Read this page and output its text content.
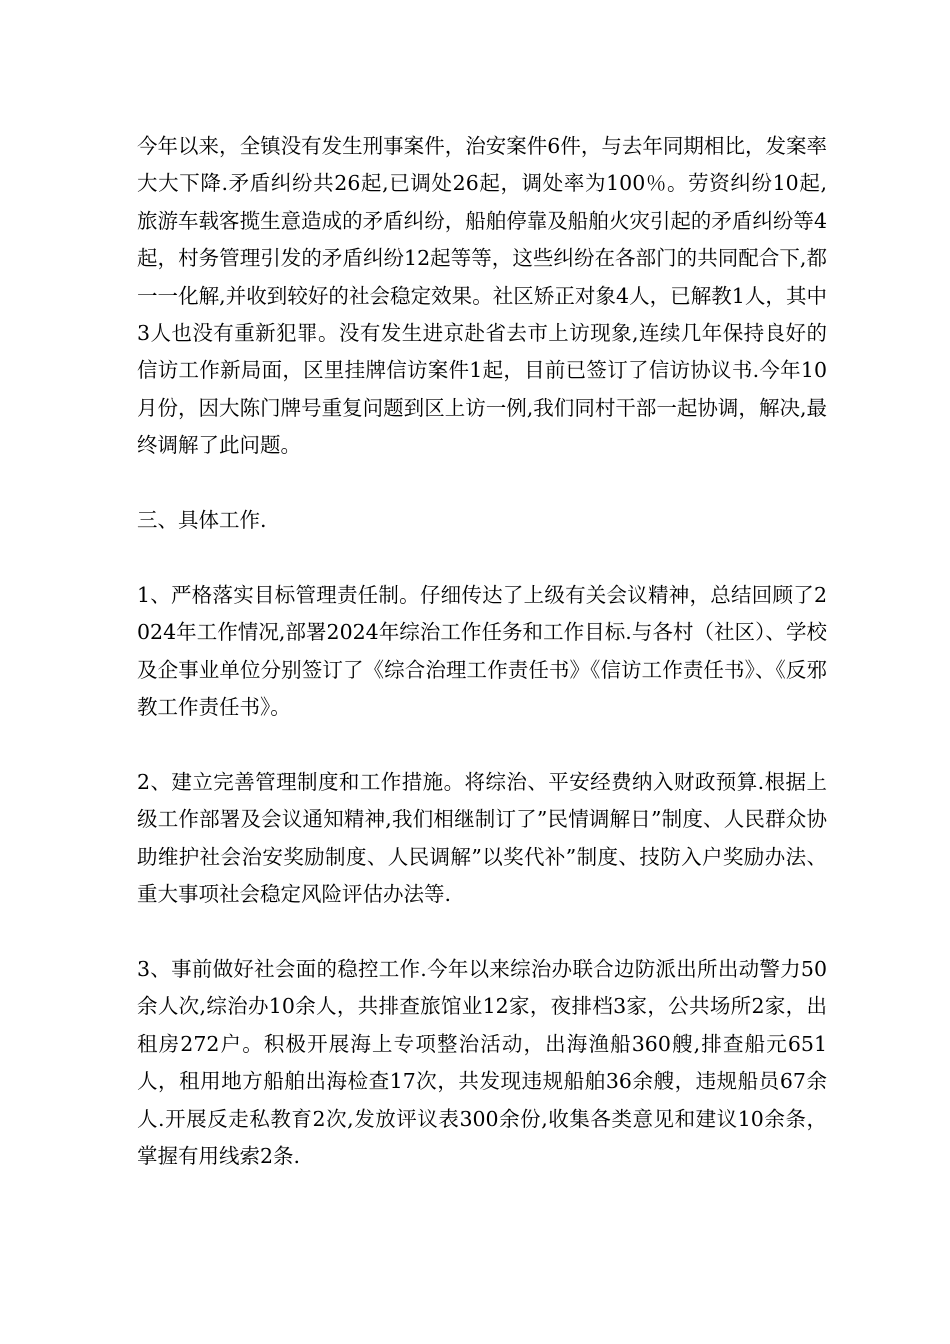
今年以来，全镇没有发生刑事案件，治安案件6件，与去年同期相比，发案率大大下降.矛盾纠纷共26起,已调处26起，调处率为100％。劳资纠纷10起,旅游车载客揽生意造成的矛盾纠纷，船舶停靠及船舶火灾引起的矛盾纠纷等4起，村务管理引发的矛盾纠纷12起等等，这些纠纷在各部门的共同配合下,都一一化解,并收到较好的社会稳定效果。社区矫正对象4人，已解教1人，其中3人也没有重新犯罪。没有发生进京赴省去市上访现象,连续几年保持良好的信访工作新局面，区里挂牌信访案件1起，目前已签订了信访协议书.今年10月份，因大陈门牌号重复问题到区上访一例,我们同村干部一起协调，解决,最终调解了此问题。

三、具体工作.

1、严格落实目标管理责任制。仔细传达了上级有关会议精神，总结回顾了2024年工作情况,部署2024年综治工作任务和工作目标.与各村（社区）、学校及企事业单位分别签订了《综合治理工作责任书》《信访工作责任书》、《反邪教工作责任书》。

2、建立完善管理制度和工作措施。将综治、平安经费纳入财政预算.根据上级工作部署及会议通知精神,我们相继制订了”民情调解日”制度、人民群众协助维护社会治安奖励制度、人民调解”以奖代补”制度、技防入户奖励办法、重大事项社会稳定风险评估办法等.

3、事前做好社会面的稳控工作.今年以来综治办联合边防派出所出动警力50余人次,综治办10余人，共排查旅馆业12家，夜排档3家，公共场所2家，出租房272户。积极开展海上专项整治活动，出海渔船360艘,排查船元651人，租用地方船舶出海检查17次，共发现违规船舶36余艘，违规船员67余人.开展反走私教育2次,发放评议表300余份,收集各类意见和建议10余条，掌握有用线索2条.
